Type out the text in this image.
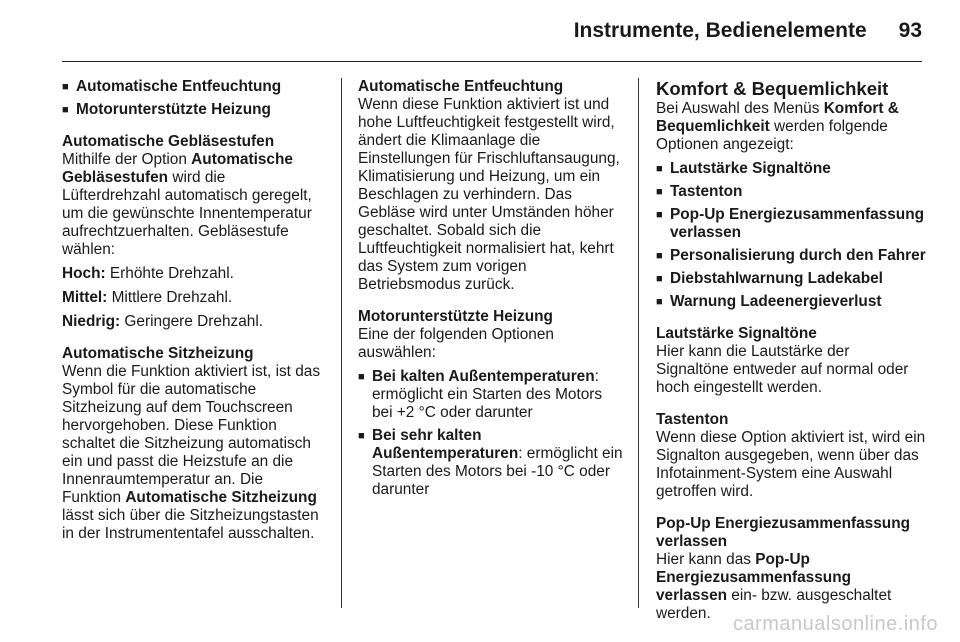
Instrumente, Bedienelemente 93
■ Automatische Entfeuchtung
■ Motorunterstützte Heizung

Automatische Gebläsestufen

Mithilfe der Option Automatische Gebläsestufen wird die Lüfterdrehzahl automatisch geregelt, um die gewünschte Innentemperatur aufrechtzuerhalten. Gebläsestufe wählen:

Hoch: Erhöhte Drehzahl.

Mittel: Mittlere Drehzahl.

Niedrig: Geringere Drehzahl.

Automatische Sitzheizung

Wenn die Funktion aktiviert ist, ist das Symbol für die automatische Sitzheizung auf dem Touchscreen hervorgehoben. Diese Funktion schaltet die Sitzheizung automatisch ein und passt die Heizstufe an die Innenraumtemperatur an. Die Funktion Automatische Sitzheizung lässt sich über die Sitzheizungstasten in der Instrumententafel ausschalten.

Automatische Entfeuchtung

Wenn diese Funktion aktiviert ist und hohe Luftfeuchtigkeit festgestellt wird, ändert die Klimaanlage die Einstellungen für Frischluftansaugung, Klimatisierung und Heizung, um ein Beschlagen zu verhindern. Das Gebläse wird unter Umständen höher geschaltet. Sobald sich die Luftfeuchtigkeit normalisiert hat, kehrt das System zum vorigen Betriebsmodus zurück.

Motorunterstützte Heizung

Eine der folgenden Optionen auswählen:

■ Bei kalten Außentemperaturen: ermöglicht ein Starten des Motors bei +2 °C oder darunter
■ Bei sehr kalten Außentemperaturen: ermöglicht ein Starten des Motors bei -10 °C oder darunter

Komfort & Bequemlichkeit

Bei Auswahl des Menüs Komfort & Bequemlichkeit werden folgende Optionen angezeigt:

■ Lautstärke Signaltöne
■ Tastenton
■ Pop-Up Energiezusammenfassung verlassen
■ Personalisierung durch den Fahrer
■ Diebstahlwarnung Ladekabel
■ Warnung Ladeenergieverlust

Lautstärke Signaltöne

Hier kann die Lautstärke der Signaltöne entweder auf normal oder hoch eingestellt werden.

Tastenton

Wenn diese Option aktiviert ist, wird ein Signalton ausgegeben, wenn über das Infotainment-System eine Auswahl getroffen wird.

Pop-Up Energiezusammenfassung verlassen

Hier kann das Pop-Up Energiezusammenfassung verlassen ein- bzw. ausgeschaltet werden.	carmanualsonline.info
